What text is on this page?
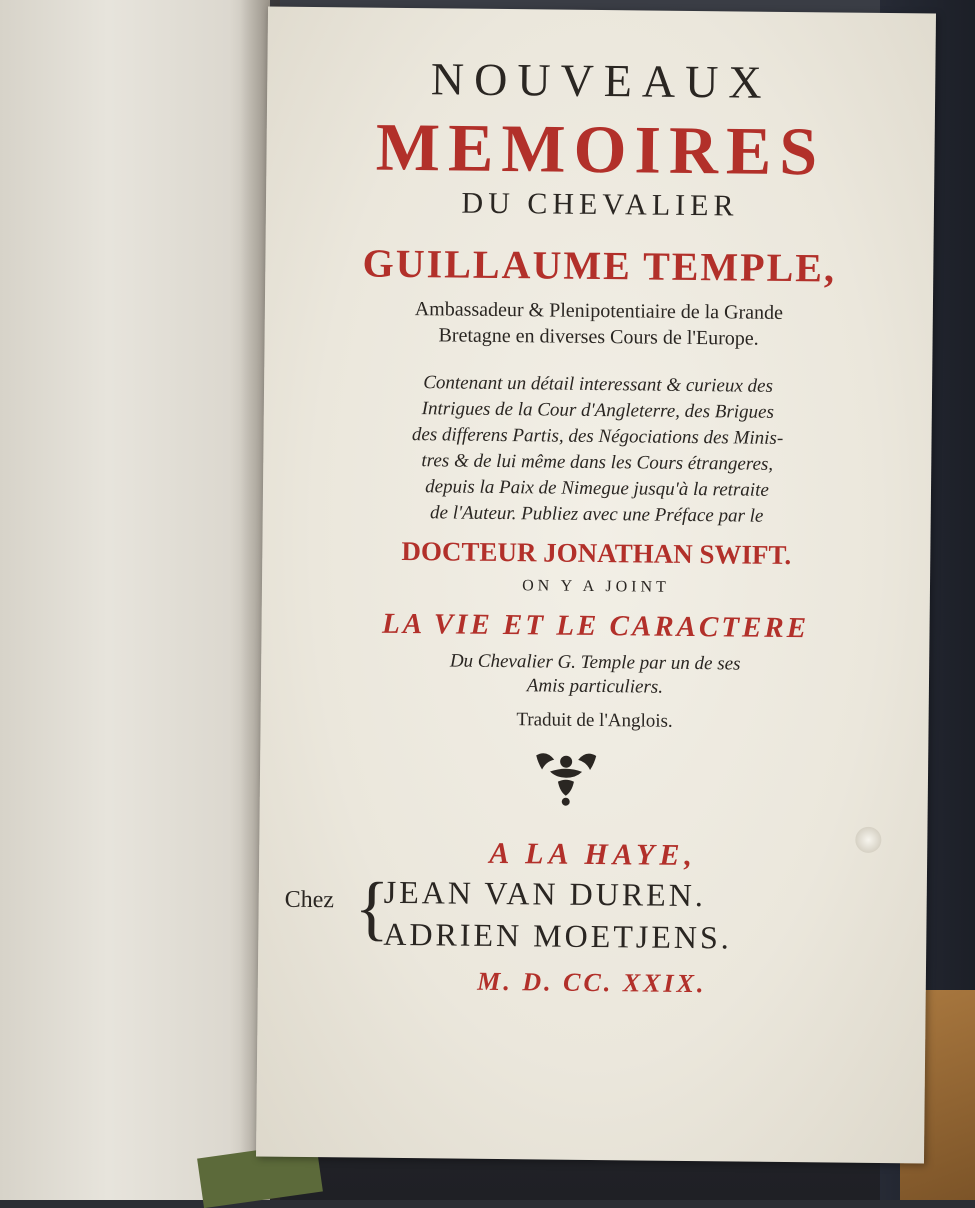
NOUVEAUX
MEMOIRES
DU CHEVALIER
GUILLAUME TEMPLE,
Ambassadeur & Plenipotentiaire de la Grande
Bretagne en diverses Cours de l'Europe.
Contenant un détail interessant & curieux des
Intrigues de la Cour d'Angleterre, des Brigues
des differens Partis, des Négociations des Minis-
tres & de lui même dans les Cours étrangeres,
depuis la Paix de Nimegue jusqu'à la retraite
de l'Auteur. Publiez avec une Préface par le
DOCTEUR JONATHAN SWIFT.
ON Y A JOINT
LA VIE ET LE CARACTERE
Du Chevalier G. Temple par un de ses
Amis particuliers.
Traduit de l'Anglois.
A LA HAYE,
Chez {
JEAN VAN DUREN.
ADRIEN MOETJENS.
M. D. CC. XXIX.
